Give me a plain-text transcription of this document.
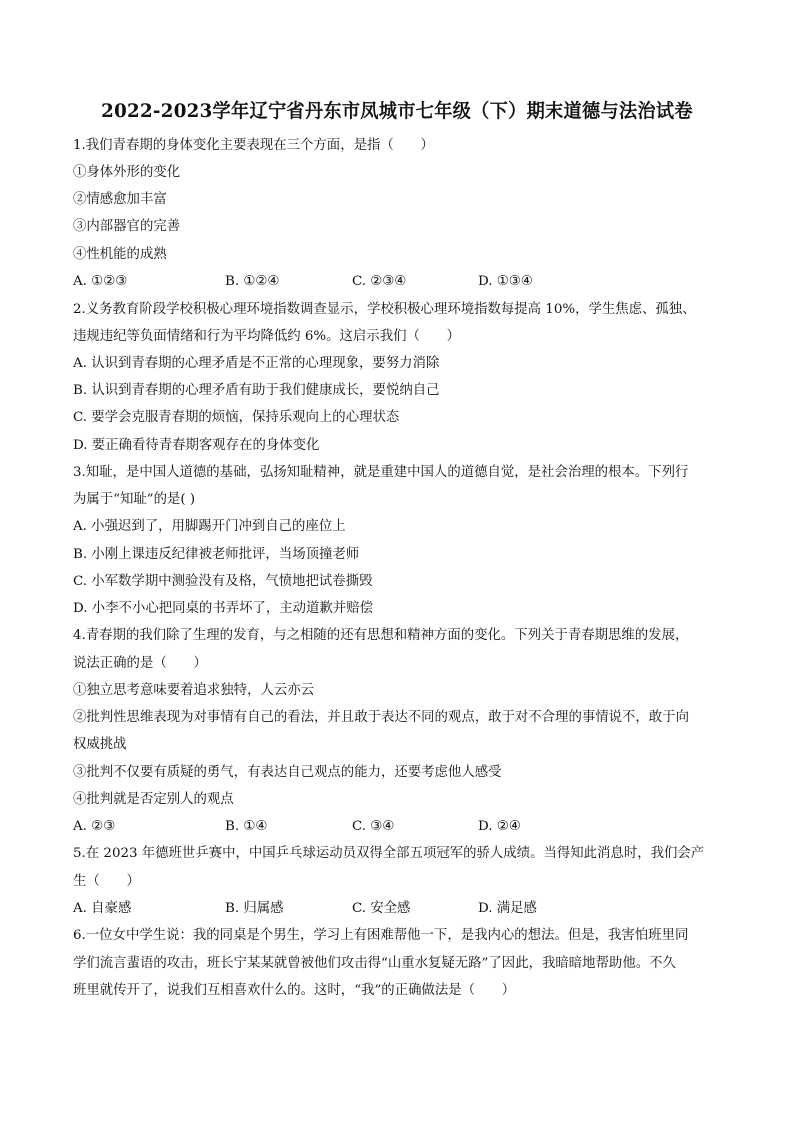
2022-2023学年辽宁省丹东市凤城市七年级（下）期末道德与法治试卷
1.我们青春期的身体变化主要表现在三个方面，是指（　　）
①身体外形的变化
②情感愈加丰富
③内部器官的完善
④性机能的成熟
A. ①②③	B. ①②④	C. ②③④	D. ①③④
2.义务教育阶段学校积极心理环境指数调查显示，学校积极心理环境指数每提高 10%，学生焦虑、孤独、
违规违纪等负面情绪和行为平均降低约 6%。这启示我们（　　）
A. 认识到青春期的心理矛盾是不正常的心理现象，要努力消除
B. 认识到青春期的心理矛盾有助于我们健康成长，要悦纳自己
C. 要学会克服青春期的烦恼，保持乐观向上的心理状态
D. 要正确看待青春期客观存在的身体变化
3.知耻，是中国人道德的基础，弘扬知耻精神，就是重建中国人的道德自觉，是社会治理的根本。下列行
为属于“知耻”的是( )
A. 小强迟到了，用脚踢开门冲到自己的座位上
B. 小刚上课违反纪律被老师批评，当场顶撞老师
C. 小军数学期中测验没有及格，气愤地把试卷撕毁
D. 小李不小心把同桌的书弄坏了，主动道歉并赔偿
4.青春期的我们除了生理的发育，与之相随的还有思想和精神方面的变化。下列关于青春期思维的发展，
说法正确的是（　　）
①独立思考意味要着追求独特，人云亦云
②批判性思维表现为对事情有自己的看法，并且敢于表达不同的观点，敢于对不合理的事情说不，敢于向
权威挑战
③批判不仅要有质疑的勇气，有表达自己观点的能力，还要考虑他人感受
④批判就是否定别人的观点
A. ②③	B. ①④	C. ③④	D. ②④
5.在 2023 年德班世乒赛中，中国乒乓球运动员双得全部五项冠军的骄人成绩。当得知此消息时，我们会产
生（　　）
A. 自豪感	B. 归属感	C. 安全感	D. 满足感
6.一位女中学生说：我的同桌是个男生，学习上有困难帮他一下，是我内心的想法。但是，我害怕班里同
学们流言蜚语的攻击，班长宁某某就曾被他们攻击得“山重水复疑无路”了因此，我暗暗地帮助他。不久
班里就传开了，说我们互相喜欢什么的。这时，“我”的正确做法是（　　）
